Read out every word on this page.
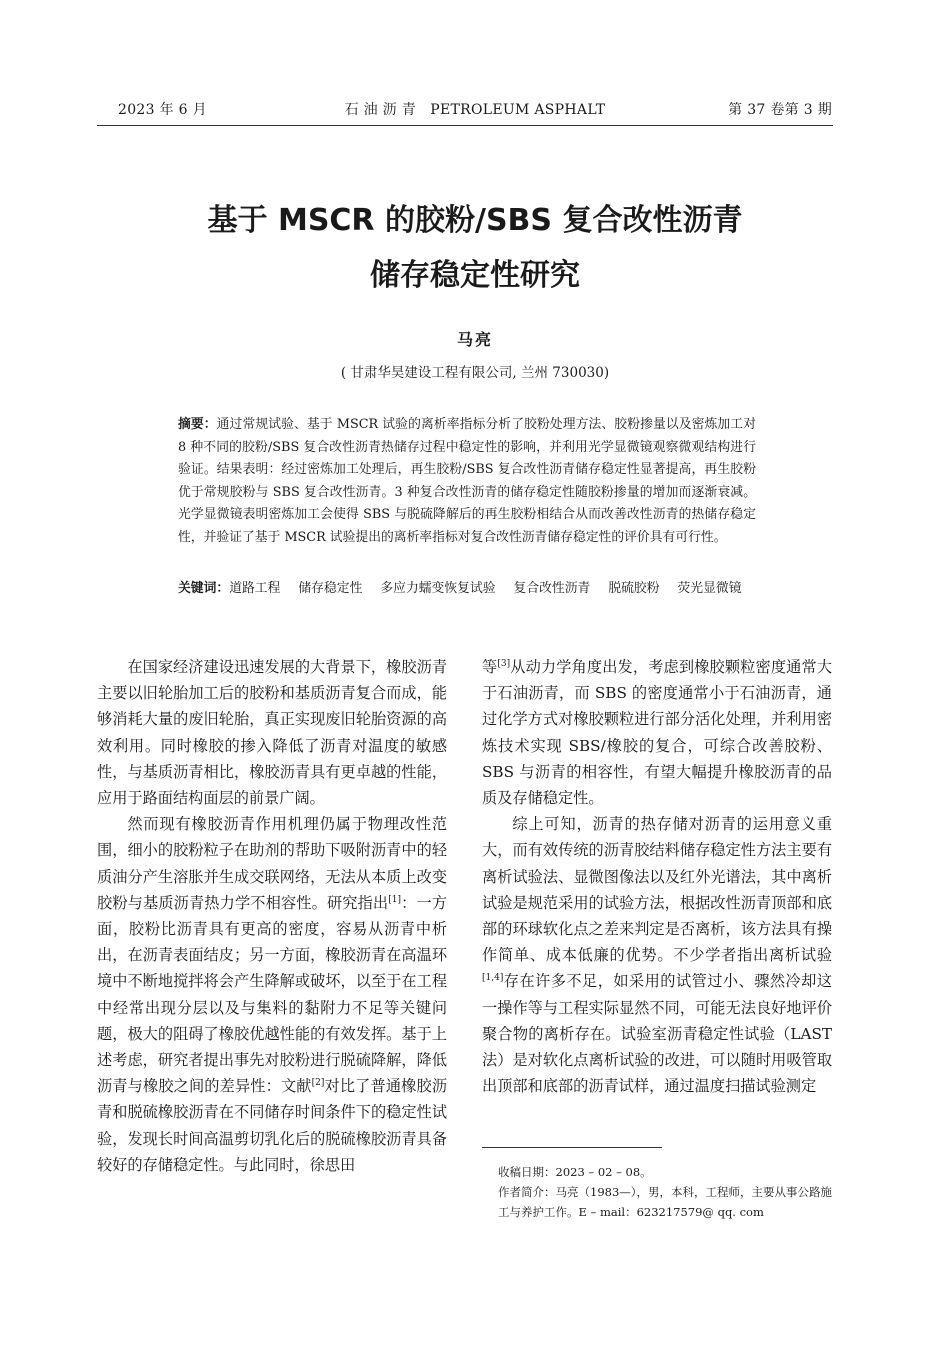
2023 年 6 月	石 油 沥 青   PETROLEUM ASPHALT	第 37 卷第 3 期
基于 MSCR 的胶粉/SBS 复合改性沥青
储存稳定性研究
马亮
( 甘肃华昊建设工程有限公司, 兰州 730030)
摘要：通过常规试验、基于 MSCR 试验的离析率指标分析了胶粉处理方法、胶粉掺量以及密炼加工对 8 种不同的胶粉/SBS 复合改性沥青热储存过程中稳定性的影响，并利用光学显微镜观察微观结构进行验证。结果表明：经过密炼加工处理后，再生胶粉/SBS 复合改性沥青储存稳定性显著提高，再生胶粉优于常规胶粉与 SBS 复合改性沥青。3 种复合改性沥青的储存稳定性随胶粉掺量的增加而逐渐衰减。光学显微镜表明密炼加工会使得 SBS 与脱硫降解后的再生胶粉相结合从而改善改性沥青的热储存稳定性，并验证了基于 MSCR 试验提出的离析率指标对复合改性沥青储存稳定性的评价具有可行性。
关键词：道路工程 储存稳定性 多应力蠕变恢复试验 复合改性沥青 脱硫胶粉 荧光显微镜

在国家经济建设迅速发展的大背景下，橡胶沥青主要以旧轮胎加工后的胶粉和基质沥青复合而成，能够消耗大量的废旧轮胎，真正实现废旧轮胎资源的高效利用。同时橡胶的掺入降低了沥青对温度的敏感性，与基质沥青相比，橡胶沥青具有更卓越的性能，应用于路面结构面层的前景广阔。

然而现有橡胶沥青作用机理仍属于物理改性范围，细小的胶粉粒子在助剂的帮助下吸附沥青中的轻质油分产生溶胀并生成交联网络，无法从本质上改变胶粉与基质沥青热力学不相容性。研究指出[1]：一方面，胶粉比沥青具有更高的密度，容易从沥青中析出，在沥青表面结皮；另一方面，橡胶沥青在高温环境中不断地搅拌将会产生降解或破坏，以至于在工程中经常出现分层以及与集料的黏附力不足等关键问题，极大的阻碍了橡胶优越性能的有效发挥。基于上述考虑，研究者提出事先对胶粉进行脱硫降解，降低沥青与橡胶之间的差异性：文献[2]对比了普通橡胶沥青和脱硫橡胶沥青在不同储存时间条件下的稳定性试验，发现长时间高温剪切乳化后的脱硫橡胶沥青具备较好的存储稳定性。与此同时，徐思田

等[3]从动力学角度出发，考虑到橡胶颗粒密度通常大于石油沥青，而 SBS 的密度通常小于石油沥青，通过化学方式对橡胶颗粒进行部分活化处理，并利用密炼技术实现 SBS/橡胶的复合，可综合改善胶粉、SBS 与沥青的相容性，有望大幅提升橡胶沥青的品质及存储稳定性。

综上可知，沥青的热存储对沥青的运用意义重大，而有效传统的沥青胶结料储存稳定性方法主要有离析试验法、显微图像法以及红外光谱法，其中离析试验是规范采用的试验方法，根据改性沥青顶部和底部的环球软化点之差来判定是否离析，该方法具有操作简单、成本低廉的优势。不少学者指出离析试验[1,4]存在许多不足，如采用的试管过小、骤然冷却这一操作等与工程实际显然不同，可能无法良好地评价聚合物的离析存在。试验室沥青稳定性试验（LAST 法）是对软化点离析试验的改进，可以随时用吸管取出顶部和底部的沥青试样，通过温度扫描试验测定

收稿日期：2023 – 02 – 08。
作者简介：马亮（1983—），男，本科，工程师，主要从事公路施工与养护工作。E – mail：623217579@ qq. com
